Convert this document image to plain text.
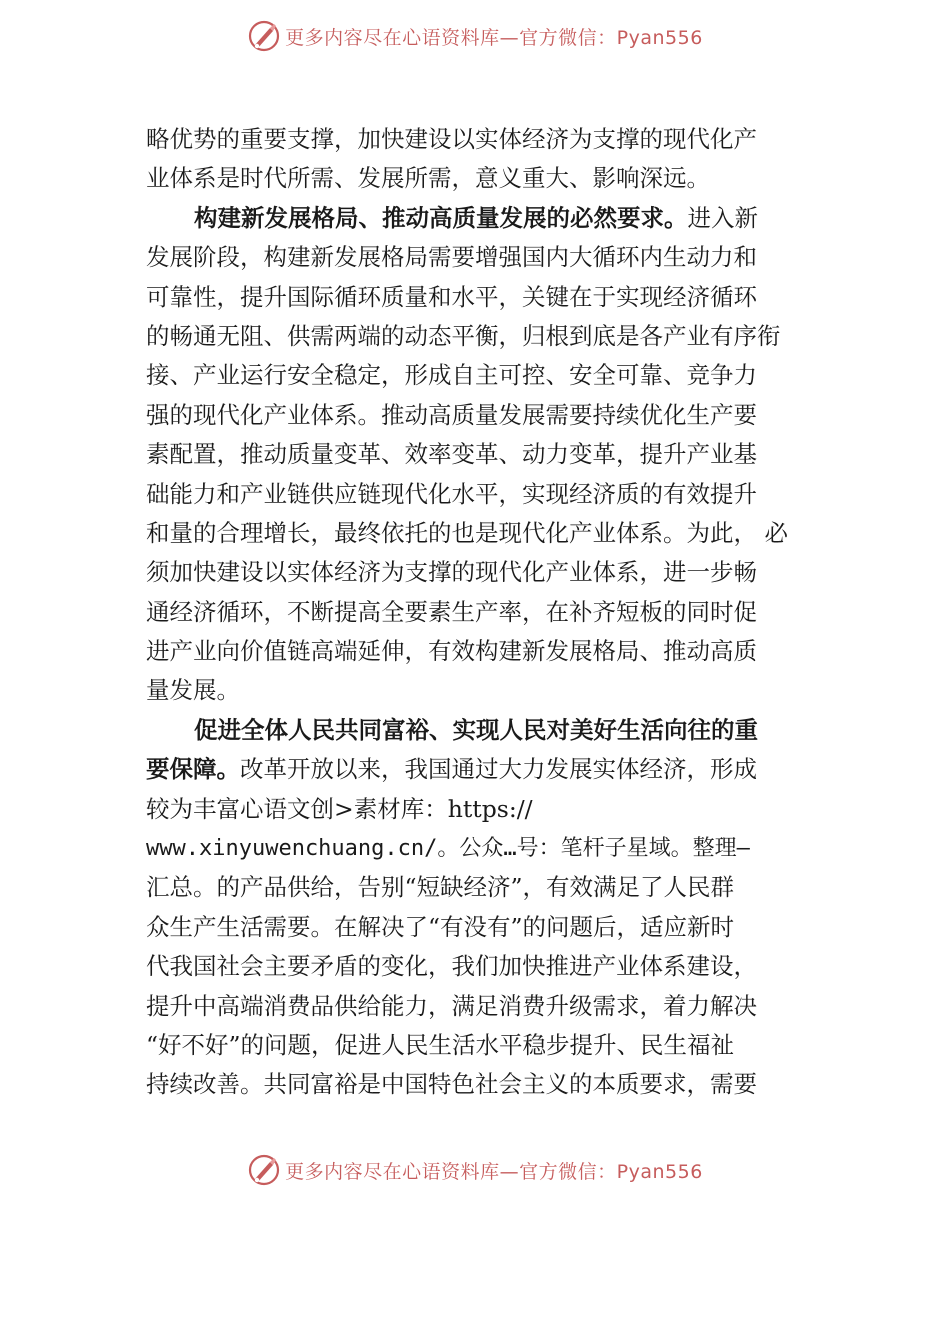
更多内容尽在心语资料库—官方微信：Pyan556
略优势的重要支撑，加快建设以实体经济为支撑的现代化产
业体系是时代所需、发展所需，意义重大、影响深远。
构建新发展格局、推动高质量发展的必然要求。进入新
发展阶段，构建新发展格局需要增强国内大循环内生动力和
可靠性，提升国际循环质量和水平，关键在于实现经济循环
的畅通无阻、供需两端的动态平衡，归根到底是各产业有序衔
接、产业运行安全稳定，形成自主可控、安全可靠、竞争力
强的现代化产业体系。推动高质量发展需要持续优化生产要
素配置，推动质量变革、效率变革、动力变革，提升产业基
础能力和产业链供应链现代化水平，实现经济质的有效提升
和量的合理增长，最终依托的也是现代化产业体系。为此， 必
须加快建设以实体经济为支撑的现代化产业体系，进一步畅
通经济循环，不断提高全要素生产率，在补齐短板的同时促
进产业向价值链高端延伸，有效构建新发展格局、推动高质
量发展。
促进全体人民共同富裕、实现人民对美好生活向往的重
要保障。改革开放以来，我国通过大力发展实体经济，形成
较为丰富心语文创>素材库：https://
www.xinyuwenchuang.cn/。公众…号：笔杆子星域。整理—
汇总。的产品供给，告别“短缺经济”，有效满足了人民群
众生产生活需要。在解决了“有没有”的问题后，适应新时
代我国社会主要矛盾的变化，我们加快推进产业体系建设，
提升中高端消费品供给能力，满足消费升级需求，着力解决
“好不好”的问题，促进人民生活水平稳步提升、民生福祉
持续改善。共同富裕是中国特色社会主义的本质要求，需要
更多内容尽在心语资料库—官方微信：Pyan556
